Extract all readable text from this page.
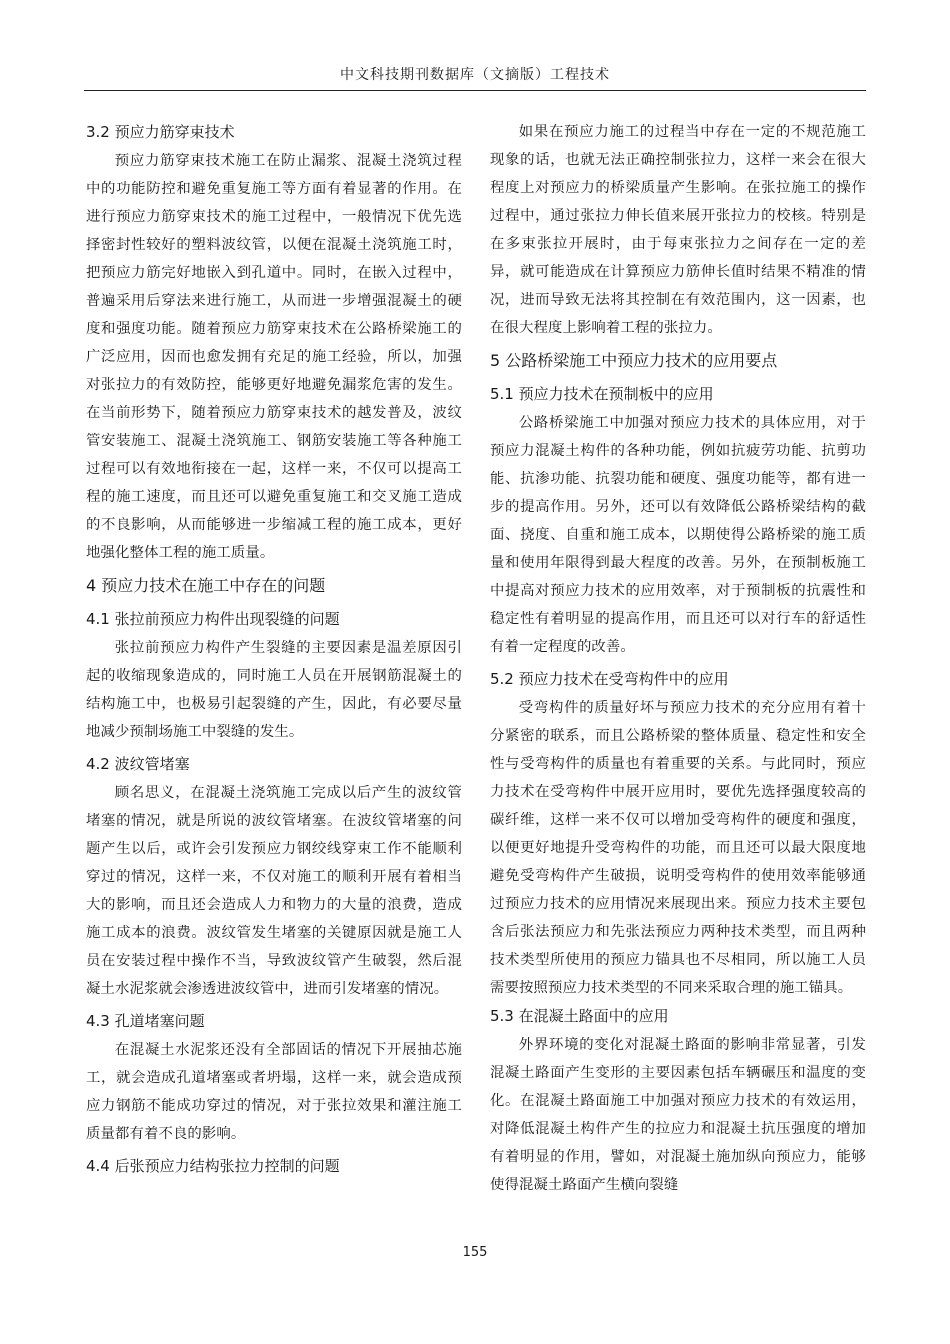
中文科技期刊数据库（文摘版）工程技术
3.2 预应力筋穿束技术

预应力筋穿束技术施工在防止漏浆、混凝土浇筑过程中的功能防控和避免重复施工等方面有着显著的作用。在进行预应力筋穿束技术的施工过程中，一般情况下优先选择密封性较好的塑料波纹管，以便在混凝土浇筑施工时，把预应力筋完好地嵌入到孔道中。同时，在嵌入过程中，普遍采用后穿法来进行施工，从而进一步增强混凝土的硬度和强度功能。随着预应力筋穿束技术在公路桥梁施工的广泛应用，因而也愈发拥有充足的施工经验，所以，加强对张拉力的有效防控，能够更好地避免漏浆危害的发生。在当前形势下，随着预应力筋穿束技术的越发普及，波纹管安装施工、混凝土浇筑施工、钢筋安装施工等各种施工过程可以有效地衔接在一起，这样一来，不仅可以提高工程的施工速度，而且还可以避免重复施工和交叉施工造成的不良影响，从而能够进一步缩减工程的施工成本，更好地强化整体工程的施工质量。

4 预应力技术在施工中存在的问题
4.1 张拉前预应力构件出现裂缝的问题

张拉前预应力构件产生裂缝的主要因素是温差原因引起的收缩现象造成的，同时施工人员在开展钢筋混凝土的结构施工中，也极易引起裂缝的产生，因此，有必要尽量地减少预制场施工中裂缝的发生。

4.2 波纹管堵塞

顾名思义，在混凝土浇筑施工完成以后产生的波纹管堵塞的情况，就是所说的波纹管堵塞。在波纹管堵塞的问题产生以后，或许会引发预应力钢绞线穿束工作不能顺利穿过的情况，这样一来，不仅对施工的顺利开展有着相当大的影响，而且还会造成人力和物力的大量的浪费，造成施工成本的浪费。波纹管发生堵塞的关键原因就是施工人员在安装过程中操作不当，导致波纹管产生破裂，然后混凝土水泥浆就会渗透进波纹管中，进而引发堵塞的情况。

4.3 孔道堵塞问题

在混凝土水泥浆还没有全部固话的情况下开展抽芯施工，就会造成孔道堵塞或者坍塌，这样一来，就会造成预应力钢筋不能成功穿过的情况，对于张拉效果和灌注施工质量都有着不良的影响。

4.4 后张预应力结构张拉力控制的问题

如果在预应力施工的过程当中存在一定的不规范施工现象的话，也就无法正确控制张拉力，这样一来会在很大程度上对预应力的桥梁质量产生影响。在张拉施工的操作过程中，通过张拉力伸长值来展开张拉力的校核。特别是在多束张拉开展时，由于每束张拉力之间存在一定的差异，就可能造成在计算预应力筋伸长值时结果不精准的情况，进而导致无法将其控制在有效范围内，这一因素，也在很大程度上影响着工程的张拉力。

5 公路桥梁施工中预应力技术的应用要点
5.1 预应力技术在预制板中的应用

公路桥梁施工中加强对预应力技术的具体应用，对于预应力混凝土构件的各种功能，例如抗疲劳功能、抗剪功能、抗渗功能、抗裂功能和硬度、强度功能等，都有进一步的提高作用。另外，还可以有效降低公路桥梁结构的截面、挠度、自重和施工成本，以期使得公路桥梁的施工质量和使用年限得到最大程度的改善。另外，在预制板施工中提高对预应力技术的应用效率，对于预制板的抗震性和稳定性有着明显的提高作用，而且还可以对行车的舒适性有着一定程度的改善。

5.2 预应力技术在受弯构件中的应用

受弯构件的质量好坏与预应力技术的充分应用有着十分紧密的联系，而且公路桥梁的整体质量、稳定性和安全性与受弯构件的质量也有着重要的关系。与此同时，预应力技术在受弯构件中展开应用时，要优先选择强度较高的碳纤维，这样一来不仅可以增加受弯构件的硬度和强度，以便更好地提升受弯构件的功能，而且还可以最大限度地避免受弯构件产生破损，说明受弯构件的使用效率能够通过预应力技术的应用情况来展现出来。预应力技术主要包含后张法预应力和先张法预应力两种技术类型，而且两种技术类型所使用的预应力锚具也不尽相同，所以施工人员需要按照预应力技术类型的不同来采取合理的施工锚具。

5.3 在混凝土路面中的应用

外界环境的变化对混凝土路面的影响非常显著，引发混凝土路面产生变形的主要因素包括车辆碾压和温度的变化。在混凝土路面施工中加强对预应力技术的有效运用，对降低混凝土构件产生的拉应力和混凝土抗压强度的增加有着明显的作用，譬如，对混凝土施加纵向预应力，能够使得混凝土路面产生横向裂缝

155
